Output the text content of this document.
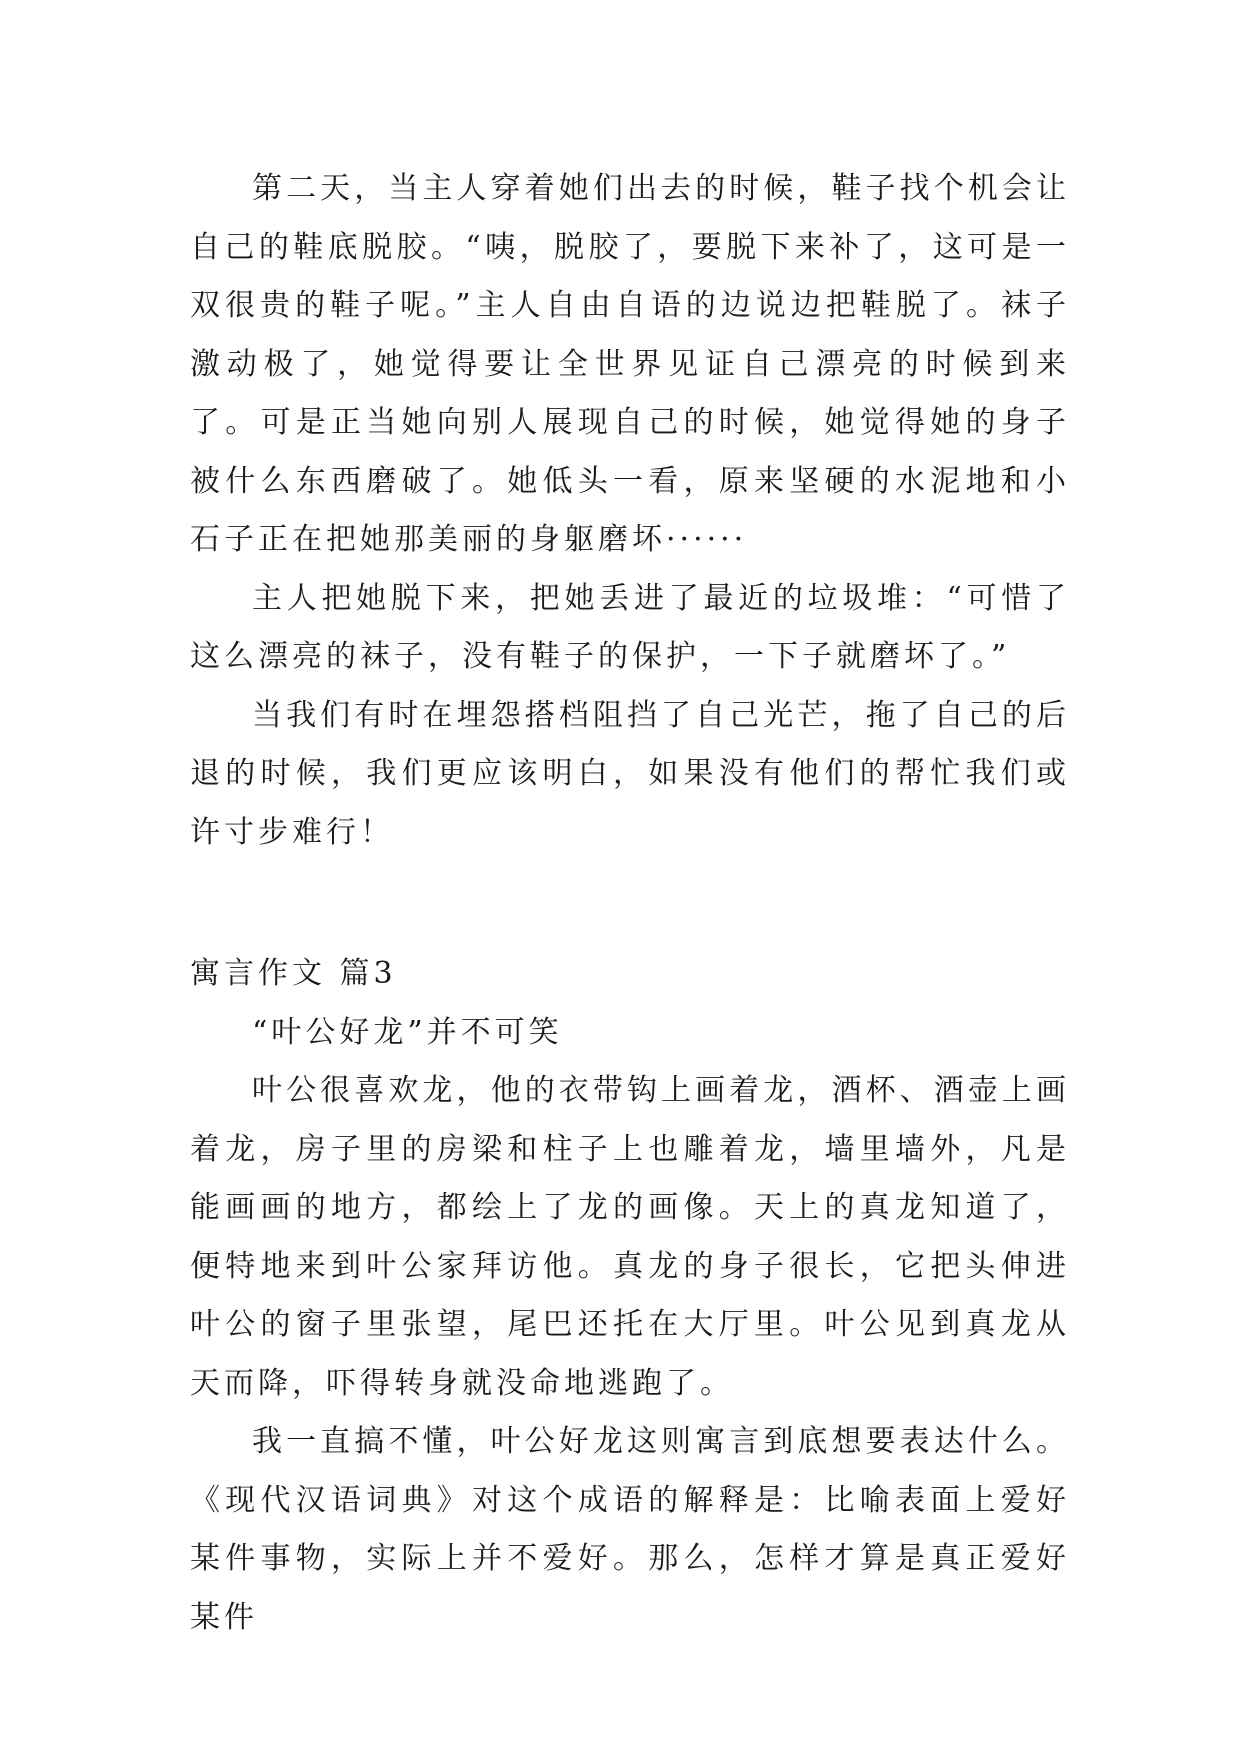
第二天，当主人穿着她们出去的时候，鞋子找个机会让自己的鞋底脱胶。“咦，脱胶了，要脱下来补了，这可是一双很贵的鞋子呢。”主人自由自语的边说边把鞋脱了。袜子激动极了，她觉得要让全世界见证自己漂亮的时候到来了。可是正当她向别人展现自己的时候，她觉得她的身子被什么东西磨破了。她低头一看，原来坚硬的水泥地和小石子正在把她那美丽的身躯磨坏······

主人把她脱下来，把她丢进了最近的垃圾堆：“可惜了这么漂亮的袜子，没有鞋子的保护，一下子就磨坏了。”

当我们有时在埋怨搭档阻挡了自己光芒，拖了自己的后退的时候，我们更应该明白，如果没有他们的帮忙我们或许寸步难行！

寓言作文 篇3

“叶公好龙”并不可笑

叶公很喜欢龙，他的衣带钩上画着龙，酒杯、酒壶上画着龙，房子里的房梁和柱子上也雕着龙，墙里墙外，凡是能画画的地方，都绘上了龙的画像。天上的真龙知道了，便特地来到叶公家拜访他。真龙的身子很长，它把头伸进叶公的窗子里张望，尾巴还托在大厅里。叶公见到真龙从天而降，吓得转身就没命地逃跑了。

我一直搞不懂，叶公好龙这则寓言到底想要表达什么。《现代汉语词典》对这个成语的解释是：比喻表面上爱好某件事物，实际上并不爱好。那么，怎样才算是真正爱好某件
